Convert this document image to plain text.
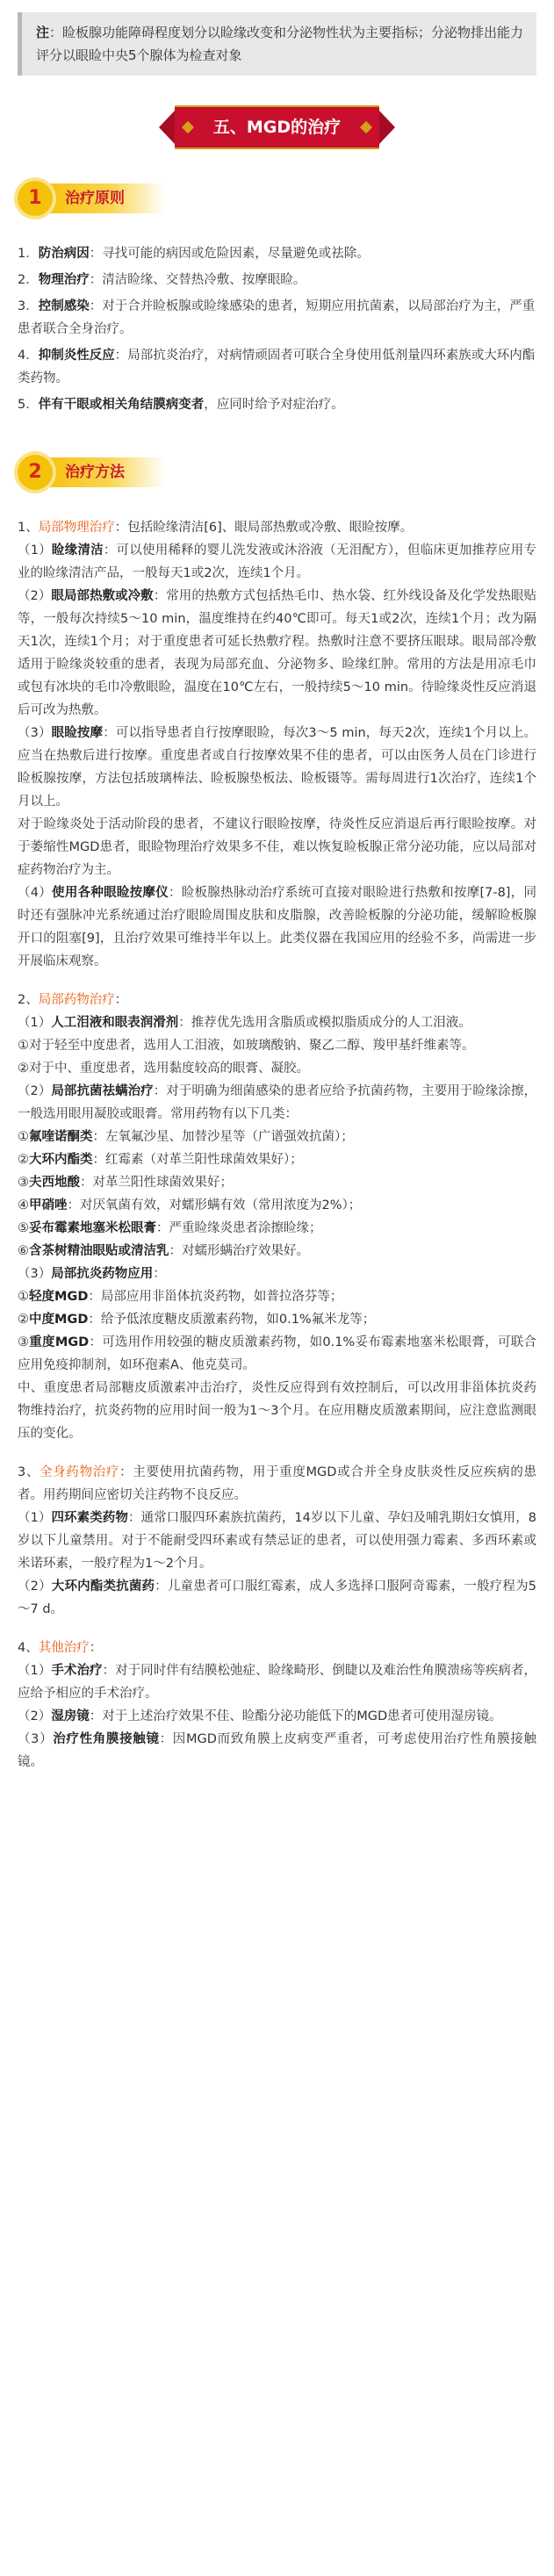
注：睑板腺功能障碍程度划分以睑缘改变和分泌物性状为主要指标；分泌物排出能力评分以眼睑中央5个腺体为检查对象
五、MGD的治疗
1	治疗原则
1．防治病因：寻找可能的病因或危险因素，尽量避免或祛除。
2．物理治疗：清洁睑缘、交替热冷敷、按摩眼睑。
3．控制感染：对于合并睑板腺或睑缘感染的患者，短期应用抗菌素，以局部治疗为主，严重患者联合全身治疗。
4．抑制炎性反应：局部抗炎治疗，对病情顽固者可联合全身使用低剂量四环素族或大环内酯类药物。
5．伴有干眼或相关角结膜病变者，应同时给予对症治疗。
2	治疗方法
1、局部物理治疗：包括睑缘清洁[6]、眼局部热敷或冷敷、眼睑按摩。
（1）睑缘清洁：可以使用稀释的婴儿洗发液或沐浴液（无泪配方），但临床更加推荐应用专业的睑缘清洁产品，一般每天1或2次，连续1个月。
（2）眼局部热敷或冷敷：常用的热敷方式包括热毛巾、热水袋、红外线设备及化学发热眼贴等，一般每次持续5～10 min，温度维持在约40℃即可。每天1或2次，连续1个月；改为隔天1次，连续1个月；对于重度患者可延长热敷疗程。热敷时注意不要挤压眼球。眼局部冷敷适用于睑缘炎较重的患者，表现为局部充血、分泌物多、睑缘红肿。常用的方法是用凉毛巾或包有冰块的毛巾冷敷眼睑，温度在10℃左右，一般持续5～10 min。待睑缘炎性反应消退后可改为热敷。
（3）眼睑按摩：可以指导患者自行按摩眼睑，每次3～5 min，每天2次，连续1个月以上。应当在热敷后进行按摩。重度患者或自行按摩效果不佳的患者，可以由医务人员在门诊进行睑板腺按摩，方法包括玻璃棒法、睑板腺垫板法、睑板镊等。需每周进行1次治疗，连续1个月以上。
对于睑缘炎处于活动阶段的患者，不建议行眼睑按摩，待炎性反应消退后再行眼睑按摩。对于萎缩性MGD患者，眼睑物理治疗效果多不佳，难以恢复睑板腺正常分泌功能，应以局部对症药物治疗为主。
（4）使用各种眼睑按摩仪：睑板腺热脉动治疗系统可直接对眼睑进行热敷和按摩[7-8]，同时还有强脉冲光系统通过治疗眼睑周围皮肤和皮脂腺，改善睑板腺的分泌功能，缓解睑板腺开口的阻塞[9]，且治疗效果可维持半年以上。此类仪器在我国应用的经验不多，尚需进一步开展临床观察。
2、局部药物治疗：
（1）人工泪液和眼表润滑剂：推荐优先选用含脂质或模拟脂质成分的人工泪液。
①对于轻至中度患者，选用人工泪液，如玻璃酸钠、聚乙二醇、羧甲基纤维素等。
②对于中、重度患者，选用黏度较高的眼膏、凝胶。
（2）局部抗菌祛螨治疗：对于明确为细菌感染的患者应给予抗菌药物，主要用于睑缘涂擦，一般选用眼用凝胶或眼膏。常用药物有以下几类：
①氟喹诺酮类：左氧氟沙星、加替沙星等（广谱强效抗菌）；
②大环内酯类：红霉素（对革兰阳性球菌效果好）；
③夫西地酸：对革兰阳性球菌效果好；
④甲硝唑：对厌氧菌有效，对蠕形螨有效（常用浓度为2%）；
⑤妥布霉素地塞米松眼膏：严重睑缘炎患者涂擦睑缘；
⑥含茶树精油眼贴或清洁乳：对蠕形螨治疗效果好。
（3）局部抗炎药物应用：
①轻度MGD：局部应用非甾体抗炎药物，如普拉洛芬等；
②中度MGD：给予低浓度糖皮质激素药物，如0.1%氟米龙等；
③重度MGD：可选用作用较强的糖皮质激素药物，如0.1%妥布霉素地塞米松眼膏，可联合应用免疫抑制剂，如环孢素A、他克莫司。
中、重度患者局部糖皮质激素冲击治疗，炎性反应得到有效控制后，可以改用非甾体抗炎药物维持治疗，抗炎药物的应用时间一般为1～3个月。在应用糖皮质激素期间，应注意监测眼压的变化。
3、全身药物治疗：主要使用抗菌药物，用于重度MGD或合并全身皮肤炎性反应疾病的患者。用药期间应密切关注药物不良反应。
（1）四环素类药物：通常口服四环素族抗菌药，14岁以下儿童、孕妇及哺乳期妇女慎用，8岁以下儿童禁用。对于不能耐受四环素或有禁忌证的患者，可以使用强力霉素、多西环素或米诺环素，一般疗程为1～2个月。
（2）大环内酯类抗菌药：儿童患者可口服红霉素，成人多选择口服阿奇霉素，一般疗程为5～7 d。
4、其他治疗：
（1）手术治疗：对于同时伴有结膜松弛症、睑缘畸形、倒睫以及难治性角膜溃疡等疾病者，应给予相应的手术治疗。
（2）湿房镜：对于上述治疗效果不佳、睑酯分泌功能低下的MGD患者可使用湿房镜。
（3）治疗性角膜接触镜：因MGD而致角膜上皮病变严重者，可考虑使用治疗性角膜接触镜。
